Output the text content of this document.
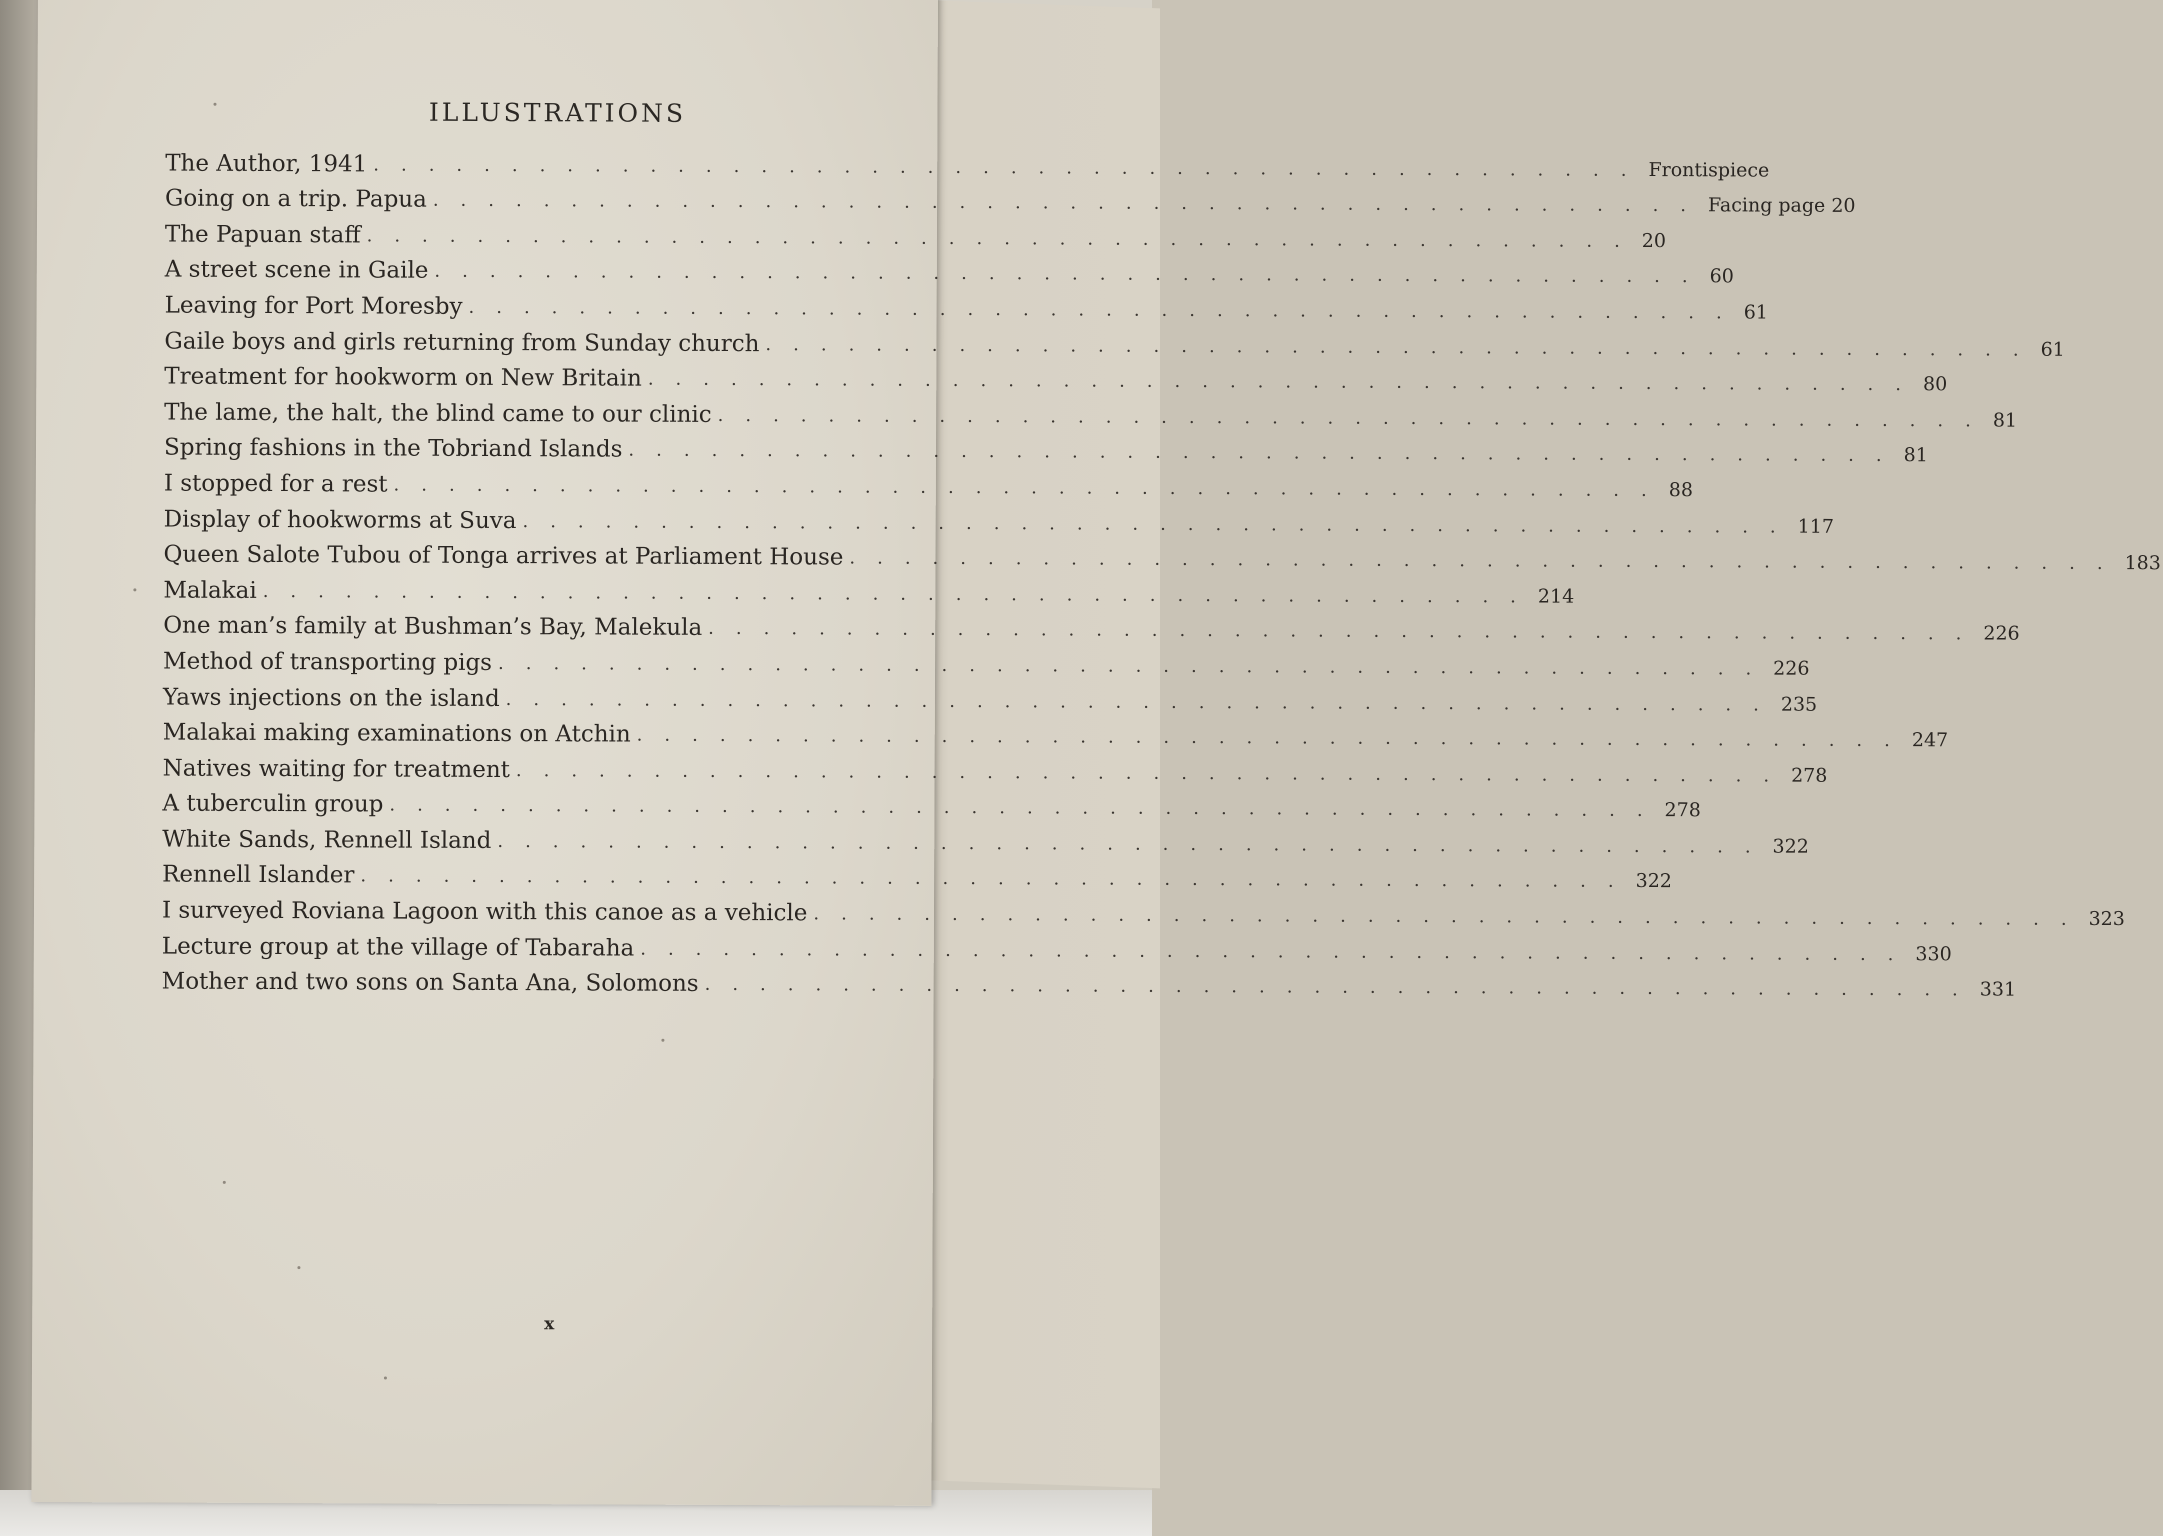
ILLUSTRATIONS
The Author, 1941 .............................................. Frontispiece
Going on a trip. Papua .............................................. Facing page 20
The Papuan staff .............................................. 20
A street scene in Gaile .............................................. 60
Leaving for Port Moresby .............................................. 61
Gaile boys and girls returning from Sunday church .............................................. 61
Treatment for hookworm on New Britain .............................................. 80
The lame, the halt, the blind came to our clinic .............................................. 81
Spring fashions in the Tobriand Islands .............................................. 81
I stopped for a rest .............................................. 88
Display of hookworms at Suva .............................................. 117
Queen Salote Tubou of Tonga arrives at Parliament House .............................................. 183
Malakai .............................................. 214
One man’s family at Bushman’s Bay, Malekula .............................................. 226
Method of transporting pigs .............................................. 226
Yaws injections on the island .............................................. 235
Malakai making examinations on Atchin .............................................. 247
Natives waiting for treatment .............................................. 278
A tuberculin group .............................................. 278
White Sands, Rennell Island .............................................. 322
Rennell Islander .............................................. 322
I surveyed Roviana Lagoon with this canoe as a vehicle .............................................. 323
Lecture group at the village of Tabaraha .............................................. 330
Mother and two sons on Santa Ana, Solomons .............................................. 331
x
